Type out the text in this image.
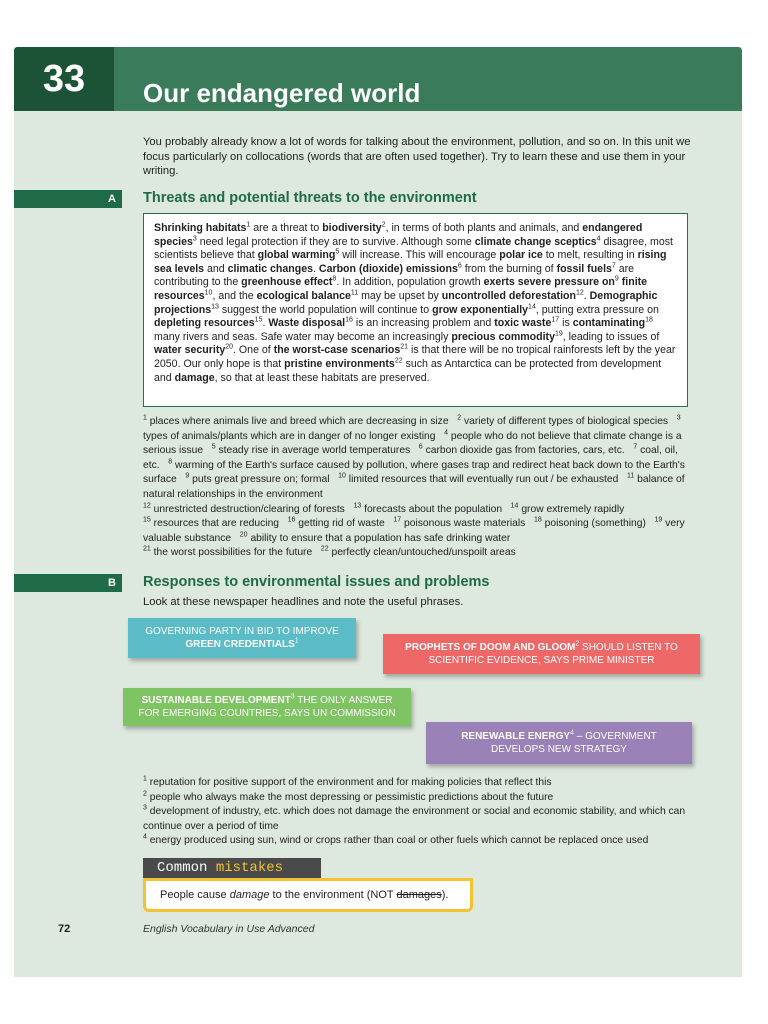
33	Our endangered world
You probably already know a lot of words for talking about the environment, pollution, and so on. In this unit we focus particularly on collocations (words that are often used together). Try to learn these and use them in your writing.
A	Threats and potential threats to the environment
Shrinking habitats$^1$ are a threat to biodiversity$^2$, in terms of both plants and animals, and endangered species$^3$ need legal protection if they are to survive. Although some climate change sceptics$^4$ disagree, most scientists believe that global warming$^5$ will increase. This will encourage polar ice to melt, resulting in rising sea levels and climatic changes. Carbon (dioxide) emissions$^6$ from the burning of fossil fuels$^7$ are contributing to the greenhouse effect$^8$. In addition, population growth exerts severe pressure $on^9$ finite resources$^{10}$, and the ecological balance$^{11}$ may be upset by uncontrolled deforestation$^{12}$. Demographic projections$^{13}$ suggest the world population will continue to grow exponentially$^{14}$, putting extra pressure on depleting resources$^{15}$. Waste disposal$^{16}$ is an increasing problem and toxic waste$^{17}$ is contaminating$^{18}$ many rivers and seas. Safe water may become an increasingly precious commodity$^{19}$, leading to issues of water security$^{20}$. One of the worst-case scenarios$^{21}$ is that there will be no tropical rainforests left by the year 2050. Our only hope is that pristine environments$^{22}$ such as Antarctica can be protected from development and damage, so that at least these habitats are preserved.
$^1$ places where animals live and breed which are decreasing in size $^2$ variety of different types of biological species $^3$ types of animals/plants which are in danger of no longer existing $^4$ people who do not believe that climate change is a serious issue $^5$ steady rise in average world temperatures $^6$ carbon dioxide gas from factories, cars, etc. $^7$ coal, oil, etc. $^8$ warming of the Earth's surface caused by pollution, where gases trap and redirect heat back down to the Earth's surface $^9$ puts great pressure on; formal $^{10}$ limited resources that will eventually run out / be exhausted $^{11}$ balance of natural relationships in the environment
$^{12}$ unrestricted destruction/clearing of forests $^{13}$ forecasts about the population $^{14}$ grow extremely rapidly
$^{15}$ resources that are reducing $^{16}$ getting rid of waste $^{17}$ poisonous waste materials $^{18}$ poisoning (something) $^{19}$ very valuable substance $^{20}$ ability to ensure that a population has safe drinking water
$^{21}$ the worst possibilities for the future $^{22}$ perfectly clean/untouched/unspoilt areas
B	Responses to environmental issues and problems
Look at these newspaper headlines and note the useful phrases.
GOVERNING PARTY IN BID TO IMPROVE
GREEN CREDENTIALS$^1$
PROPHETS OF DOOM AND GLOOM$^2$ SHOULD LISTEN TO SCIENTIFIC EVIDENCE, SAYS PRIME MINISTER
SUSTAINABLE DEVELOPMENT$^3$ THE ONLY ANSWER FOR EMERGING COUNTRIES, SAYS UN COMMISSION
RENEWABLE ENERGY$^4$ – GOVERNMENT DEVELOPS NEW STRATEGY
$^1$ reputation for positive support of the environment and for making policies that reflect this
$^2$ people who always make the most depressing or pessimistic predictions about the future
$^3$ development of industry, etc. which does not damage the environment or social and economic stability, and which can continue over a period of time
$^4$ energy produced using sun, wind or crops rather than coal or other fuels which cannot be replaced once used
Common mistakes
People cause damage to the environment (NOT damages).
72	English Vocabulary in Use Advanced
